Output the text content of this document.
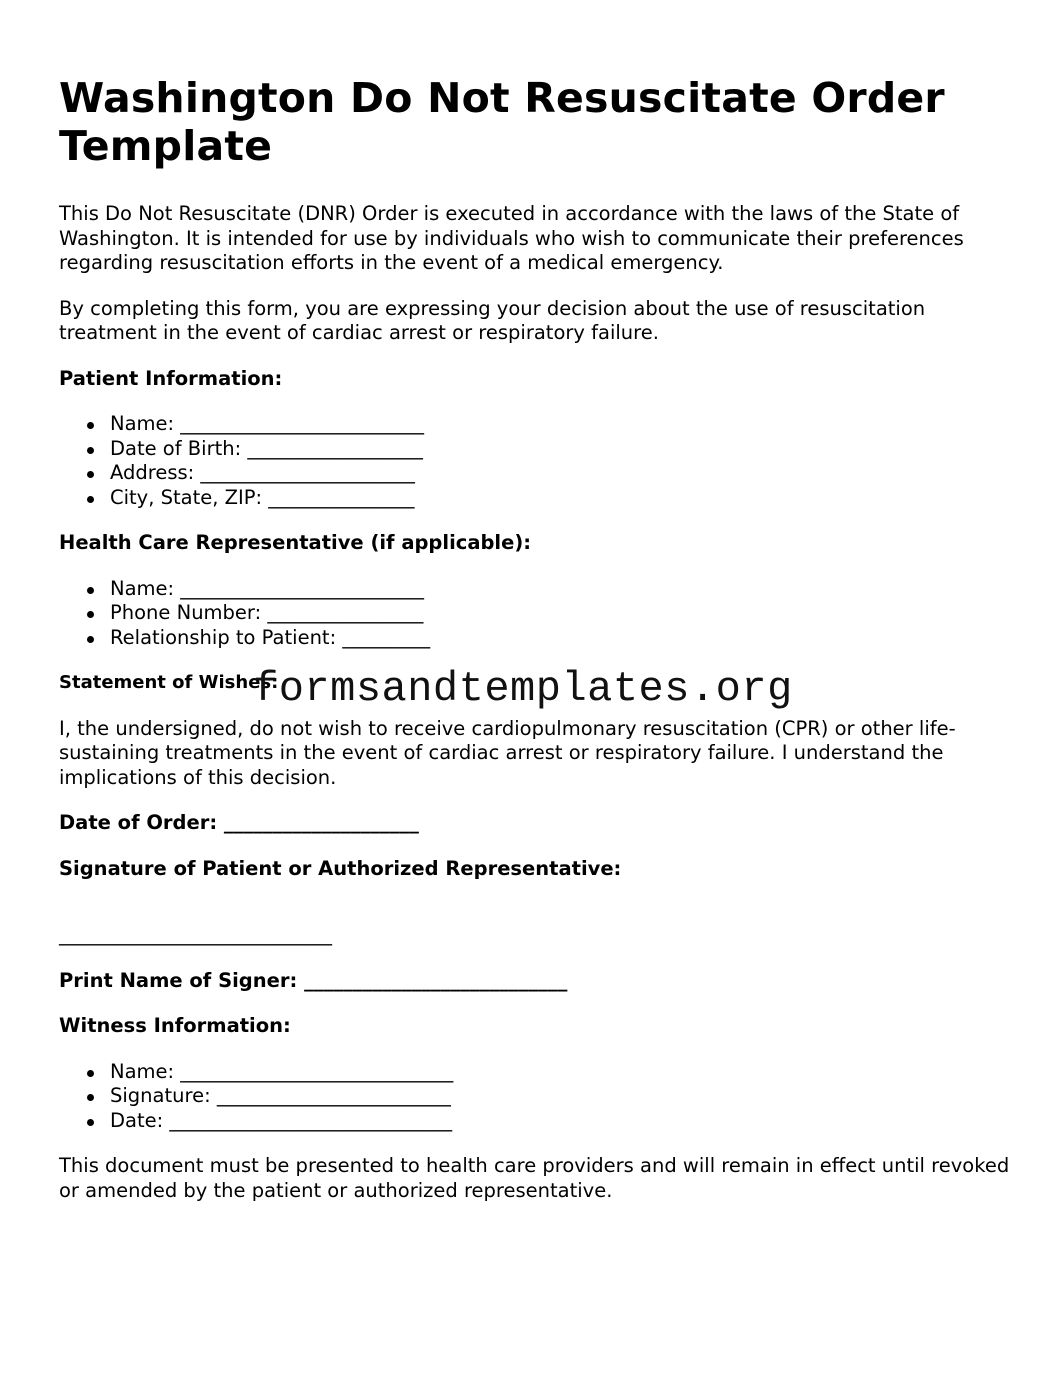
Washington Do Not Resuscitate Order Template

This Do Not Resuscitate (DNR) Order is executed in accordance with the laws of the State of Washington. It is intended for use by individuals who wish to communicate their preferences regarding resuscitation efforts in the event of a medical emergency.

By completing this form, you are expressing your decision about the use of resuscitation treatment in the event of cardiac arrest or respiratory failure.

Patient Information:
Name: _________________________
Date of Birth: __________________
Address: ______________________
City, State, ZIP: _______________
Health Care Representative (if applicable):
Name: _________________________
Phone Number: ________________
Relationship to Patient: _________
Statement of Wishes:

I, the undersigned, do not wish to receive cardiopulmonary resuscitation (CPR) or other life-sustaining treatments in the event of cardiac arrest or respiratory failure. I understand the implications of this decision.

Date of Order: ____________________
Signature of Patient or Authorized Representative:
____________________________
Print Name of Signer: ___________________________
Witness Information:
Name: ____________________________
Signature: ________________________
Date: _____________________________

This document must be presented to health care providers and will remain in effect until revoked or amended by the patient or authorized representative.

formsandtemplates.org
